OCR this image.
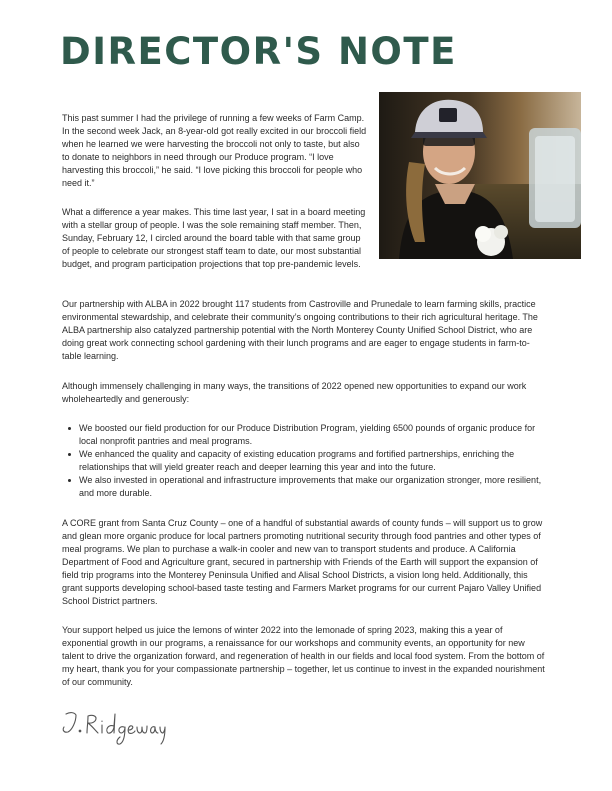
DIRECTOR'S NOTE

This past summer I had the privilege of running a few weeks of Farm Camp. In the second week Jack, an 8-year-old got really excited in our broccoli field when he learned we were harvesting the broccoli not only to taste, but also to donate to neighbors in need through our Produce program. “I love harvesting this broccoli,” he said. “I love picking this broccoli for people who need it.”

What a difference a year makes. This time last year, I sat in a board meeting with a stellar group of people. I was the sole remaining staff member. Then, Sunday, February 12, I circled around the board table with that same group of people to celebrate our strongest staff team to date, our most substantial budget, and program participation projections that top pre-pandemic levels.

Our partnership with ALBA in 2022 brought 117 students from Castroville and Prunedale to learn farming skills, practice environmental stewardship, and celebrate their community’s ongoing contributions to their rich agricultural heritage. The ALBA partnership also catalyzed partnership potential with the North Monterey County Unified School District, who are doing great work connecting school gardening with their lunch programs and are eager to engage students in farm-to-table learning.

Although immensely challenging in many ways, the transitions of 2022 opened new opportunities to expand our work wholeheartedly and generously:

We boosted our field production for our Produce Distribution Program, yielding 6500 pounds of organic produce for local nonprofit pantries and meal programs.
We enhanced the quality and capacity of existing education programs and fortified partnerships, enriching the relationships that will yield greater reach and deeper learning this year and into the future.
We also invested in operational and infrastructure improvements that make our organization stronger, more resilient, and more durable.

A CORE grant from Santa Cruz County – one of a handful of substantial awards of county funds – will support us to grow and glean more organic produce for local partners promoting nutritional security through food pantries and other types of meal programs. We plan to purchase a walk-in cooler and new van to transport students and produce. A California Department of Food and Agriculture grant, secured in partnership with Friends of the Earth will support the expansion of field trip programs into the Monterey Peninsula Unified and Alisal School Districts, a vision long held. Additionally, this grant supports developing school-based taste testing and Farmers Market programs for our current Pajaro Valley Unified School District partners.

Your support helped us juice the lemons of winter 2022 into the lemonade of spring 2023, making this a year of exponential growth in our programs, a renaissance for our workshops and community events, an opportunity for new talent to drive the organization forward, and regeneration of health in our fields and local food system. From the bottom of my heart, thank you for your compassionate partnership – together, let us continue to invest in the expanded nourishment of our community.
